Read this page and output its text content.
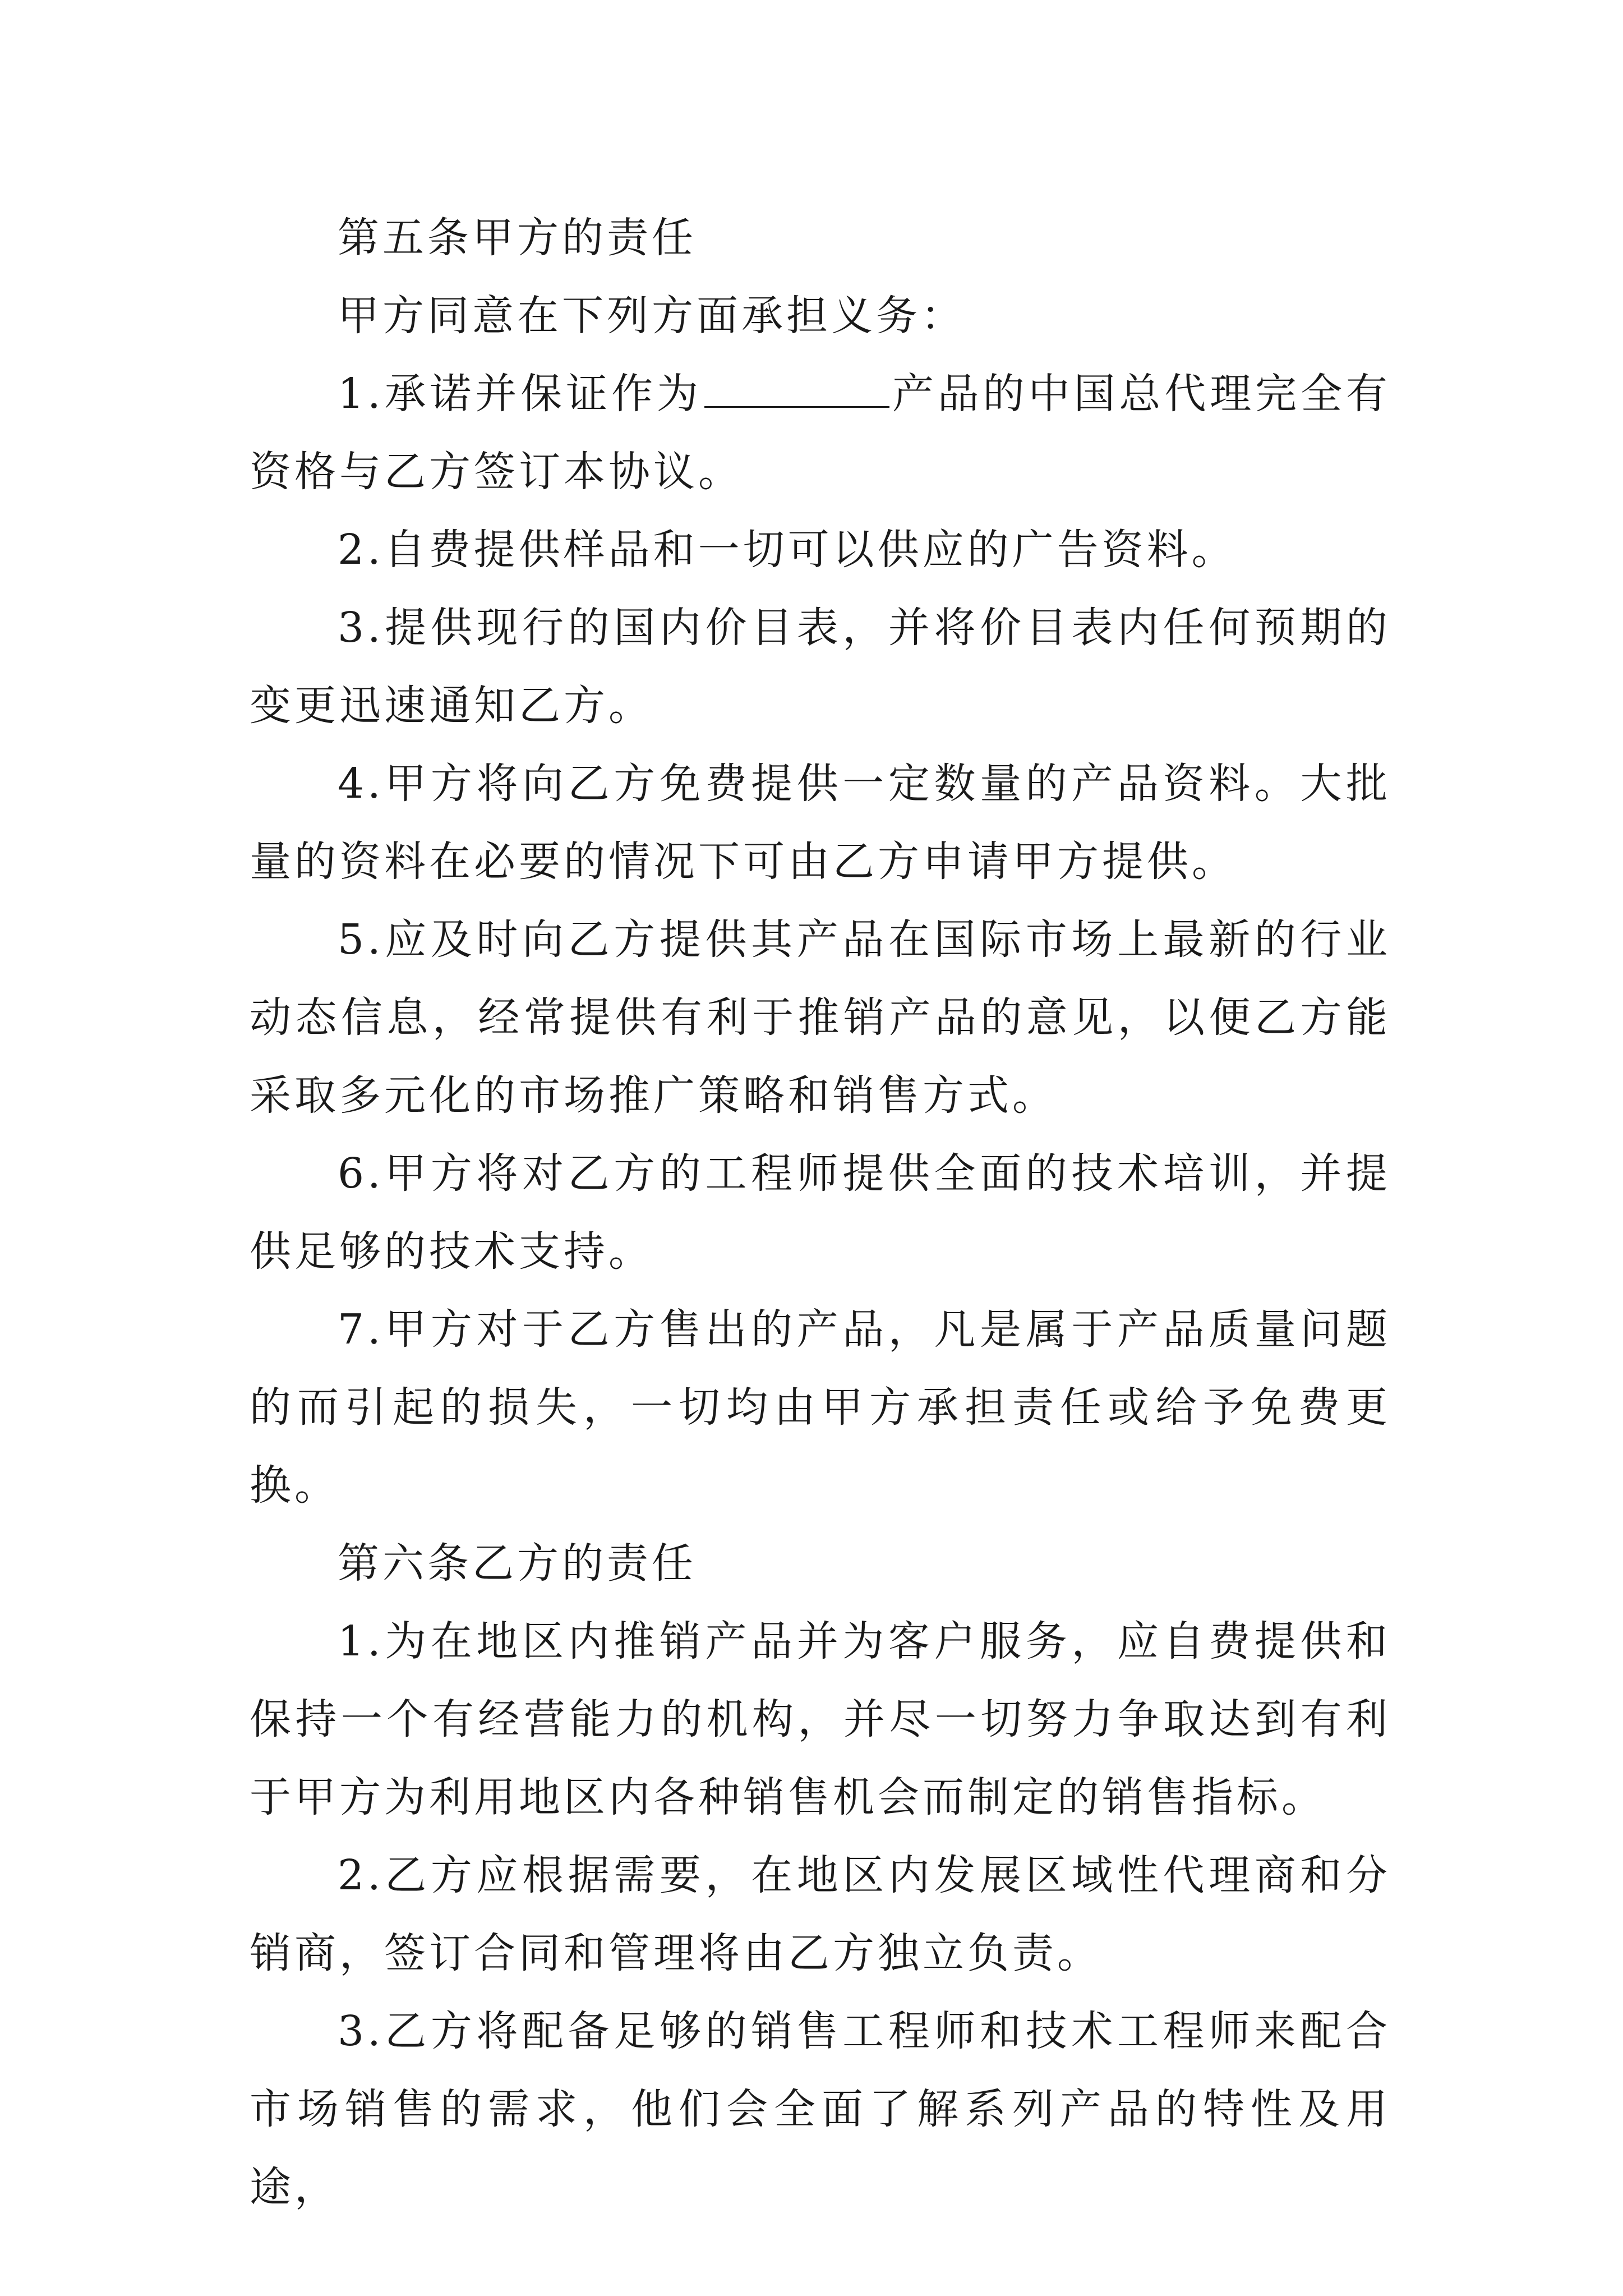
第五条甲方的责任

甲方同意在下列方面承担义务：

1.承诺并保证作为	产品的中国总代理完全有资格与乙方签订本协议。

2.自费提供样品和一切可以供应的广告资料。

3.提供现行的国内价目表，并将价目表内任何预期的变更迅速通知乙方。

4.甲方将向乙方免费提供一定数量的产品资料。大批量的资料在必要的情况下可由乙方申请甲方提供。

5.应及时向乙方提供其产品在国际市场上最新的行业动态信息，经常提供有利于推销产品的意见，以便乙方能采取多元化的市场推广策略和销售方式。

6.甲方将对乙方的工程师提供全面的技术培训，并提供足够的技术支持。

7.甲方对于乙方售出的产品，凡是属于产品质量问题的而引起的损失，一切均由甲方承担责任或给予免费更换。

第六条乙方的责任

1.为在地区内推销产品并为客户服务，应自费提供和保持一个有经营能力的机构，并尽一切努力争取达到有利于甲方为利用地区内各种销售机会而制定的销售指标。

2.乙方应根据需要，在地区内发展区域性代理商和分销商，签订合同和管理将由乙方独立负责。

3.乙方将配备足够的销售工程师和技术工程师来配合市场销售的需求，他们会全面了解系列产品的特性及用途，
